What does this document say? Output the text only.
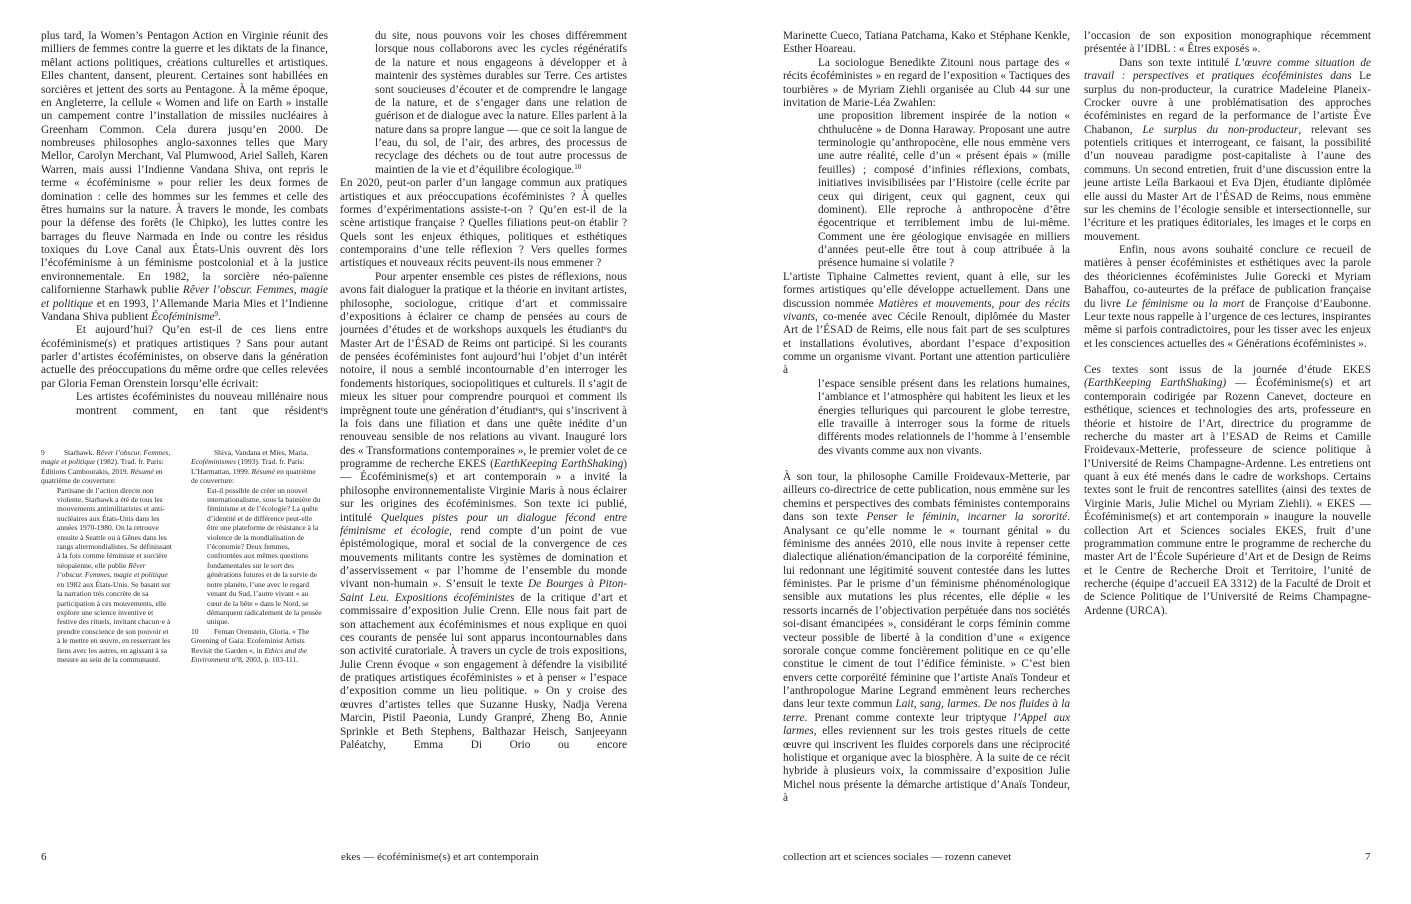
plus tard, la Women’s Pentagon Action en Virginie réunit des milliers de femmes contre la guerre et les diktats de la finance, mêlant actions politiques, créations culturelles et artistiques. Elles chantent, dansent, pleurent. Certaines sont habillées en sorcières et jettent des sorts au Pentagone. À la même époque, en Angleterre, la cellule « Women and life on Earth » installe un campement contre l’installation de missiles nucléaires à Greenham Common. Cela durera jusqu’en 2000. De nombreuses philosophes anglo-saxonnes telles que Mary Mellor, Carolyn Merchant, Val Plumwood, Ariel Salleh, Karen Warren, mais aussi l’Indienne Vandana Shiva, ont repris le terme « écoféminisme » pour relier les deux formes de domination : celle des hommes sur les femmes et celle des êtres humains sur la nature. À travers le monde, les combats pour la défense des forêts (le Chipko), les luttes contre les barrages du fleuve Narmada en Inde ou contre les résidus toxiques du Love Canal aux États-Unis ouvrent dès lors l’écoféminisme à un féminisme postcolonial et à la justice environnementale. En 1982, la sorcière néo-païenne californienne Starhawk publie Rêver l’obscur. Femmes, magie et politique et en 1993, l’Allemande Maria Mies et l’Indienne Vandana Shiva publient Écoféminisme$^9$.

Et aujourd’hui? Qu’en est-il de ces liens entre écoféminisme(s) et pratiques artistiques ? Sans pour autant parler d’artistes écoféministes, on observe dans la génération actuelle des préoccupations du même ordre que celles relevées par Gloria Feman Orenstein lorsqu’elle écrivait:

Les artistes écoféministes du nouveau millénaire nous montrent comment, en tant que résidentᵉs

9	Starhawk. Rêver l’obscur. Femmes, magie et politique (1982). Trad. fr. Paris: Éditions Cambourakis, 2019. Résumé en quatrième de couverture:

Partisane de l’action directe non violente, Starhawk a été de tous les mouvements antimilitaristes et anti-nucléaires aux États-Unis dans les années 1970-1980. On la retrouve ensuite à Seattle ou à Gênes dans les rangs altermondialistes. Se définissant à la fois comme féministe et sorcière néopaïenne, elle publie Rêver l’obscur. Femmes, magie et politique en 1982 aux États-Unis. Se basant sur la narration très concrète de sa participation à ces mouvements, elle explore une science inventive et festive des rituels, invitant chacun·e à prendre conscience de son pouvoir et à le mettre en œuvre, en resserrant les liens avec les autres, en agissant à sa mesure au sein de la communauté.

Shiva, Vandana et Mies, Maria. Ecoféminismes (1993). Trad. fr. Paris: L’Harmattan, 1999. Résumé en quatrième de couverture:

Est-il possible de créer un nouvel internationalisme, sous la bannière du féminisme et de l’écologie? La quête d’identité et de différence peut-elle être une plateforme de résistance à la violence de la mondialisation de l’économie? Deux femmes, confrontées aux mêmes questions fondamentales sur le sort des générations futures et de la survie de notre planète, l’une avec le regard venant du Sud, l’autre vivant « au cœur de la bête » dans le Nord, se démarquent radicalement de la pensée unique.

10 Feman Orenstein, Gloria. « The Greening of Gaia: Ecofeminist Artists Revisit the Garden », in Ethics and the Environment n°8, 2003, p. 103-111.

du site, nous pouvons voir les choses différemment lorsque nous collaborons avec les cycles régénératifs de la nature et nous engageons à développer et à maintenir des systèmes durables sur Terre. Ces artistes sont soucieuses d’écouter et de comprendre le langage de la nature, et de s’engager dans une relation de guérison et de dialogue avec la nature. Elles parlent à la nature dans sa propre langue — que ce soit la langue de l’eau, du sol, de l’air, des arbres, des processus de recyclage des déchets ou de tout autre processus de maintien de la vie et d’équilibre écologique.$^{10}$

En 2020, peut-on parler d’un langage commun aux pratiques artistiques et aux préoccupations écoféministes ? À quelles formes d’expérimentations assiste-t-on ? Qu’en est-il de la scène artistique française ? Quelles filiations peut-on établir ? Quels sont les enjeux éthiques, politiques et esthétiques contemporains d’une telle réflexion ? Vers quelles formes artistiques et nouveaux récits peuvent-ils nous emmener ?

Pour arpenter ensemble ces pistes de réflexions, nous avons fait dialoguer la pratique et la théorie en invitant artistes, philosophe, sociologue, critique d’art et commissaire d’expositions à éclairer ce champ de pensées au cours de journées d’études et de workshops auxquels les étudiantᵉs du Master Art de l’ÉSAD de Reims ont participé. Si les courants de pensées écoféministes font aujourd’hui l’objet d’un intérêt notoire, il nous a semblé incontournable d’en interroger les fondements historiques, sociopolitiques et culturels. Il s’agit de mieux les situer pour comprendre pourquoi et comment ils imprègnent toute une génération d’étudiantᵉs, qui s’inscrivent à la fois dans une filiation et dans une quête inédite d’un renouveau sensible de nos relations au vivant. Inauguré lors des « Transformations contemporaines », le premier volet de ce programme de recherche EKES (EarthKeeping EarthShaking) — Écoféminisme(s) et art contemporain » a invité la philosophe environnementaliste Virginie Maris à nous éclairer sur les origines des écoféminismes. Son texte ici publié, intitulé Quelques pistes pour un dialogue fécond entre féminisme et écologie, rend compte d’un point de vue épistémologique, moral et social de la convergence de ces mouvements militants contre les systèmes de domination et d’asservissement « par l’homme de l’ensemble du monde vivant non-humain ». S’ensuit le texte De Bourges à Piton-Saint Leu. Expositions écoféministes de la critique d’art et commissaire d’exposition Julie Crenn. Elle nous fait part de son attachement aux écoféminismes et nous explique en quoi ces courants de pensée lui sont apparus incontournables dans son activité curatoriale. À travers un cycle de trois expositions, Julie Crenn évoque « son engagement à défendre la visibilité de pratiques artistiques écoféministes » et à penser « l’espace d’exposition comme un lieu politique. » On y croise des œuvres d’artistes telles que Suzanne Husky, Nadja Verena Marcin, Pistil Paeonia, Lundy Granpré, Zheng Bo, Annie Sprinkle et Beth Stephens, Balthazar Heisch, Sanjeeyann Paléatchy, Emma Di Orio ou encore

6	ekes — écoféminisme(s) et art contemporain

Marinette Cueco, Tatiana Patchama, Kako et Stéphane Kenkle, Esther Hoareau.

La sociologue Benedikte Zitouni nous partage des « récits écoféministes » en regard de l’exposition « Tactiques des tourbières » de Myriam Ziehli organisée au Club 44 sur une invitation de Marie-Léa Zwahlen:

une proposition librement inspirée de la notion « chthulucène » de Donna Haraway. Proposant une autre terminologie qu’anthropocène, elle nous emmène vers une autre réalité, celle d’un « présent épais » (mille feuilles) ; composé d’infinies réflexions, combats, initiatives invisibilisées par l’Histoire (celle écrite par ceux qui dirigent, ceux qui gagnent, ceux qui dominent). Elle reproche à anthropocène d’être égocentrique et terriblement imbu de lui-même. Comment une ère géologique envisagée en milliers d’années peut-elle être tout à coup attribuée à la présence humaine si volatile ?

L’artiste Tiphaine Calmettes revient, quant à elle, sur les formes artistiques qu’elle développe actuellement. Dans une discussion nommée Matières et mouvements, pour des récits vivants, co-menée avec Cécile Renoult, diplômée du Master Art de l’ÉSAD de Reims, elle nous fait part de ses sculptures et installations évolutives, abordant l’espace d’exposition comme un organisme vivant. Portant une attention particulière à

l’espace sensible présent dans les relations humaines, l’ambiance et l’atmosphère qui habitent les lieux et les énergies telluriques qui parcourent le globe terrestre, elle travaille à interroger sous la forme de rituels différents modes relationnels de l’homme à l’ensemble des vivants comme aux non vivants.

À son tour, la philosophe Camille Froidevaux-Metterie, par ailleurs co-directrice de cette publication, nous emmène sur les chemins et perspectives des combats féministes contemporains dans son texte Penser le féminin, incarner la sororité. Analysant ce qu’elle nomme le « tournant génital » du féminisme des années 2010, elle nous invite à repenser cette dialectique aliénation/émancipation de la corporéité féminine, lui redonnant une légitimité souvent contestée dans les luttes féministes. Par le prisme d’un féminisme phénoménologique sensible aux mutations les plus récentes, elle déplie « les ressorts incarnés de l’objectivation perpétuée dans nos sociétés soi-disant émancipées », considérant le corps féminin comme vecteur possible de liberté à la condition d’une « exigence sororale conçue comme foncièrement politique en ce qu’elle constitue le ciment de tout l’édifice féministe. » C’est bien envers cette corporéité féminine que l’artiste Anaïs Tondeur et l’anthropologue Marine Legrand emmènent leurs recherches dans leur texte commun Lait, sang, larmes. De nos fluides à la terre. Prenant comme contexte leur triptyque l’Appel aux larmes, elles reviennent sur les trois gestes rituels de cette œuvre qui inscrivent les fluides corporels dans une réciprocité holistique et organique avec la biosphère. À la suite de ce récit hybride à plusieurs voix, la commissaire d’exposition Julie Michel nous présente la démarche artistique d’Anaïs Tondeur, à

l’occasion de son exposition monographique récemment présentée à l’IDBL : « Êtres exposés ».

Dans son texte intitulé L’œuvre comme situation de travail : perspectives et pratiques écoféministes dans Le surplus du non-producteur, la curatrice Madeleine Planeix-Crocker ouvre à une problématisation des approches écoféministes en regard de la performance de l’artiste Ève Chabanon, Le surplus du non-producteur, relevant ses potentiels critiques et interrogeant, ce faisant, la possibilité d’un nouveau paradigme post-capitaliste à l’aune des communs. Un second entretien, fruit d’une discussion entre la jeune artiste Leïla Barkaoui et Eva Djen, étudiante diplômée elle aussi du Master Art de l’ÉSAD de Reims, nous emmène sur les chemins de l’écologie sensible et intersectionnelle, sur l’écriture et les pratiques éditoriales, les images et le corps en mouvement.

Enfin, nous avons souhaité conclure ce recueil de matières à penser écoféministes et esthétiques avec la parole des théoriciennes écoféministes Julie Gorecki et Myriam Bahaffou, co-auteurtes de la préface de publication française du livre Le féminisme ou la mort de Françoise d’Eaubonne. Leur texte nous rappelle à l’urgence de ces lectures, inspirantes même si parfois contradictoires, pour les tisser avec les enjeux et les consciences actuelles des « Générations écoféministes ».

Ces textes sont issus de la journée d’étude EKES (EarthKeeping EarthShaking) — Écoféminisme(s) et art contemporain codirigée par Rozenn Canevet, docteure en esthétique, sciences et technologies des arts, professeure en théorie et histoire de l’Art, directrice du programme de recherche du master art à l’ESAD de Reims et Camille Froidevaux-Metterie, professeure de science politique à l’Université de Reims Champagne-Ardenne. Les entretiens ont quant à eux été menés dans le cadre de workshops. Certains textes sont le fruit de rencontres satellites (ainsi des textes de Virginie Maris, Julie Michel ou Myriam Ziehli). « EKES — Écoféminisme(s) et art contemporain » inaugure la nouvelle collection Art et Sciences sociales EKES, fruit d’une programmation commune entre le programme de recherche du master Art de l’École Supérieure d’Art et de Design de Reims et le Centre de Recherche Droit et Territoire, l’unité de recherche (équipe d’accueil EA 3312) de la Faculté de Droit et de Science Politique de l’Université de Reims Champagne-Ardenne (URCA).

collection art et sciences sociales — rozenn canevet	7
